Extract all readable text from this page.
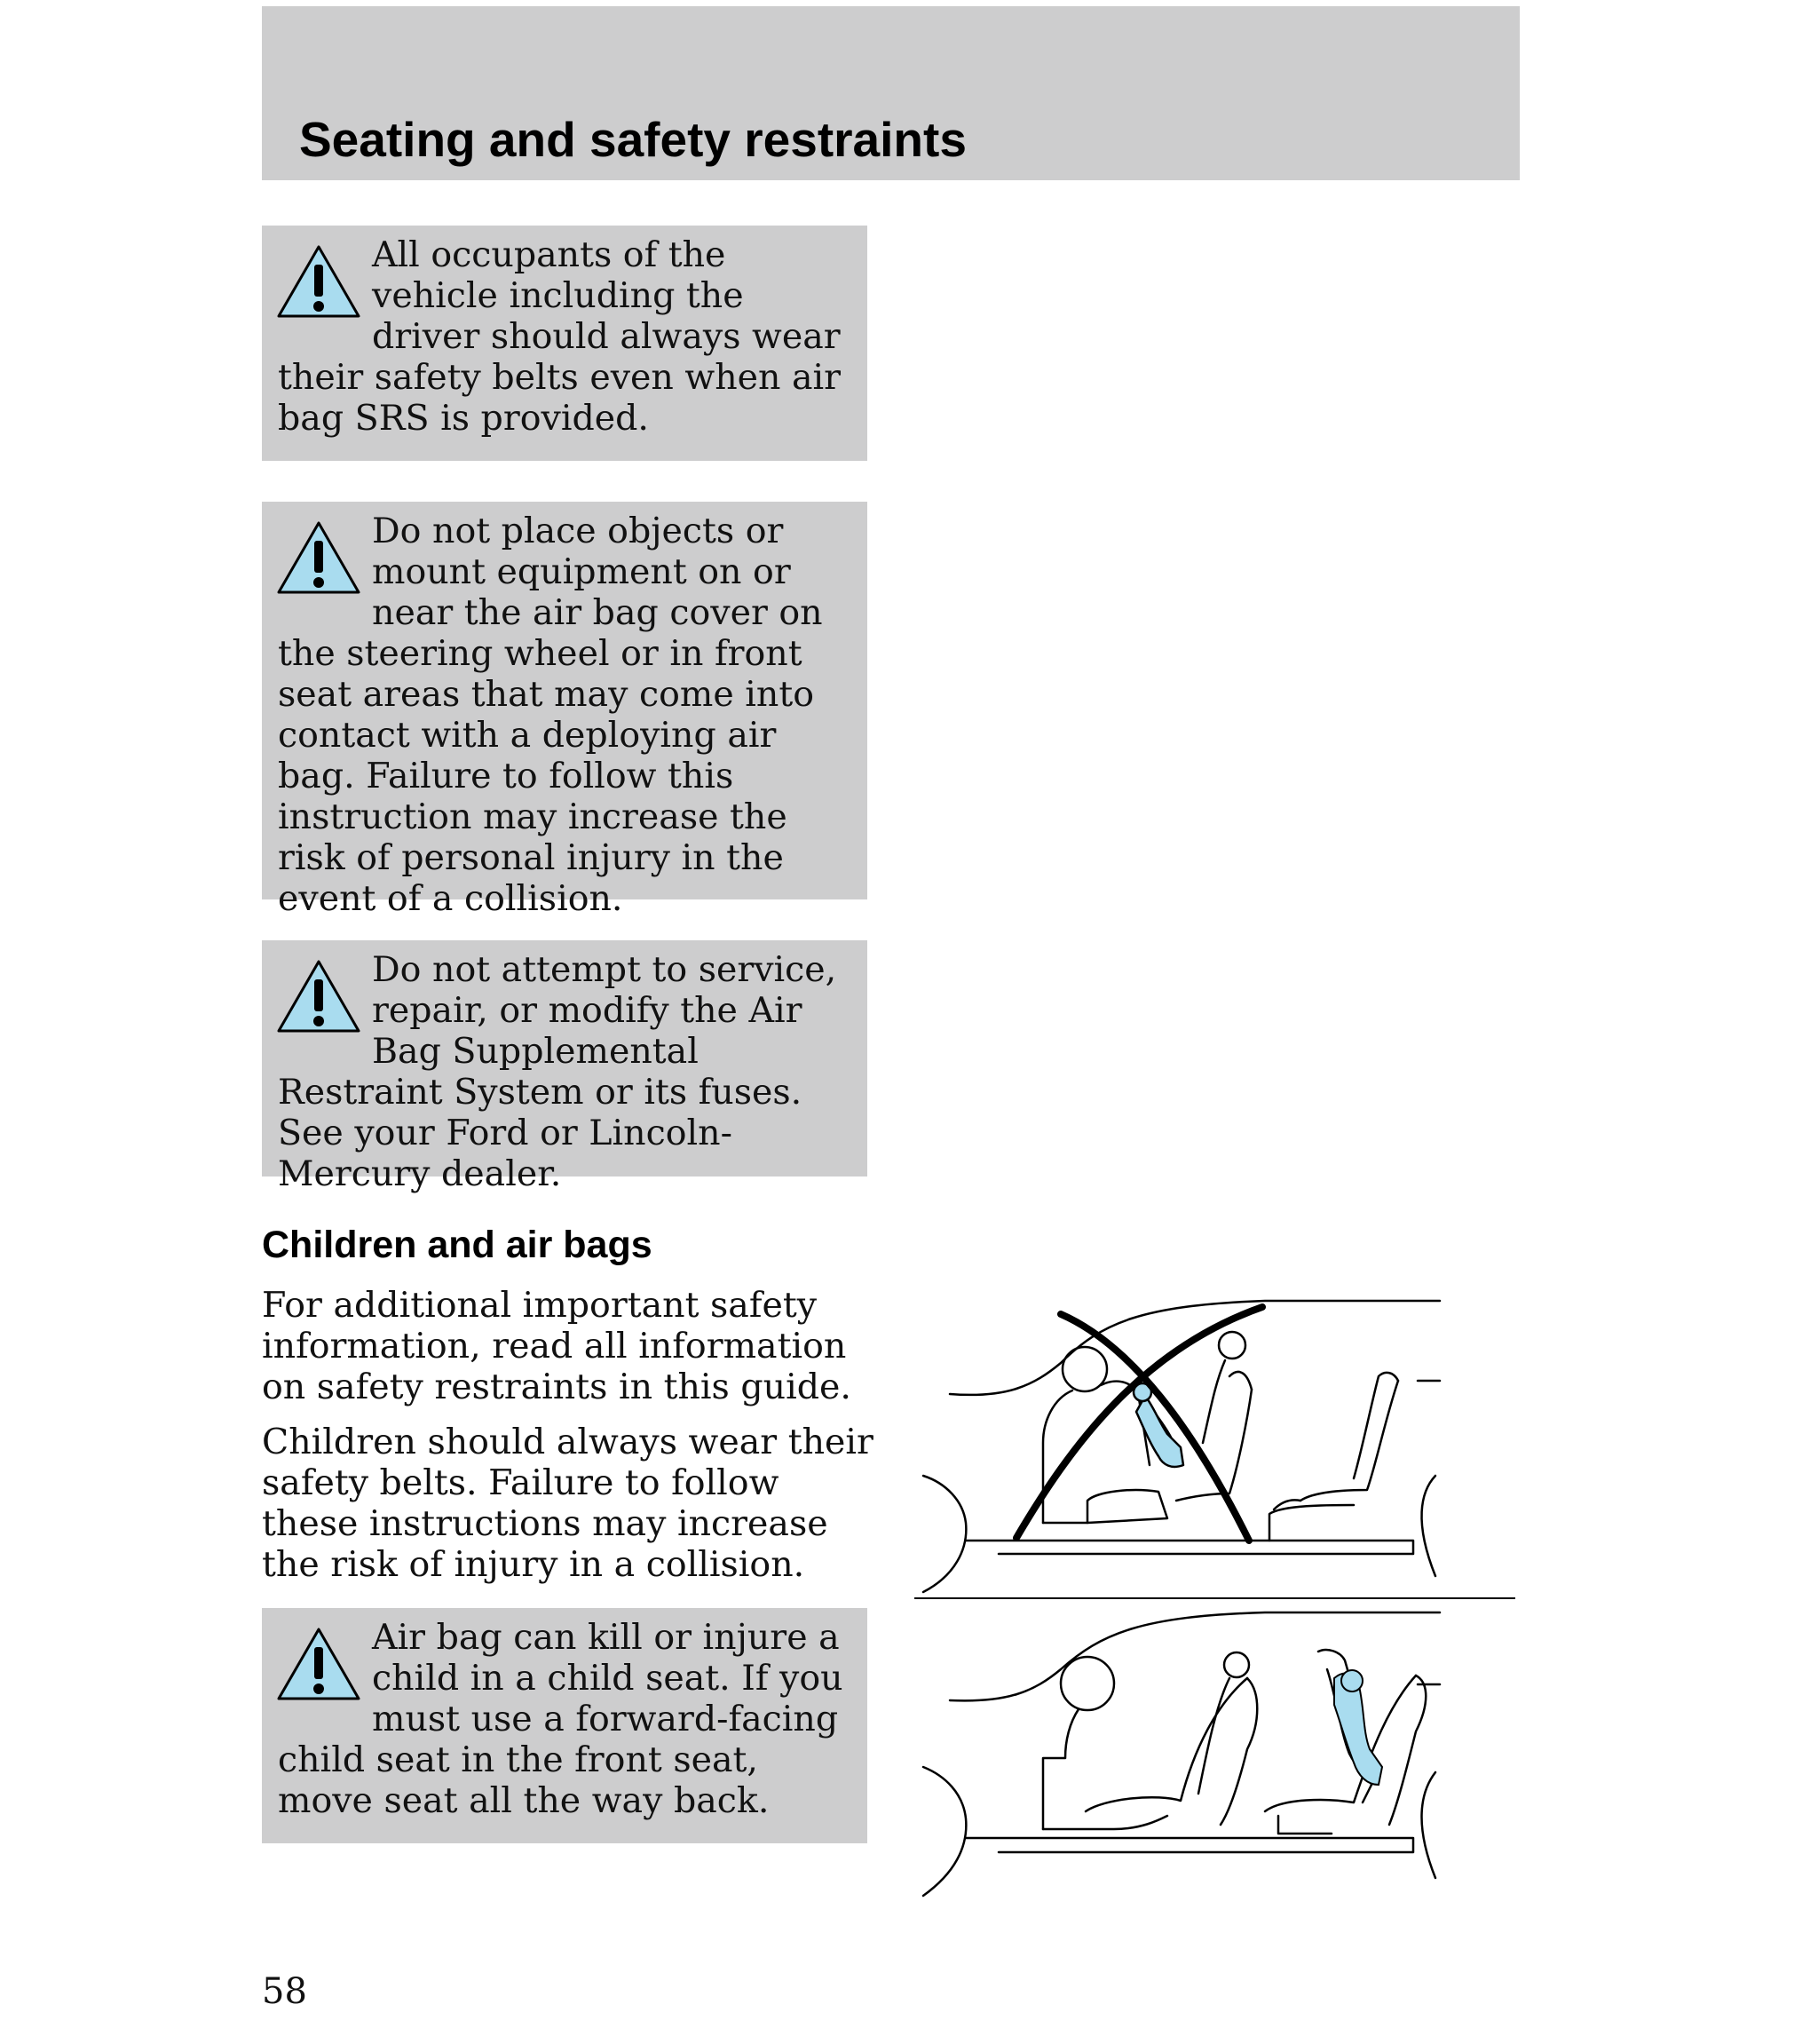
Seating and safety restraints

All occupants of the vehicle including the driver should always wear their safety belts even when air bag SRS is provided.

Do not place objects or mount equipment on or near the air bag cover on the steering wheel or in front seat areas that may come into contact with a deploying air bag. Failure to follow this instruction may increase the risk of personal injury in the event of a collision.

Do not attempt to service, repair, or modify the Air Bag Supplemental Restraint System or its fuses. See your Ford or Lincoln-Mercury dealer.

Children and air bags

For additional important safety information, read all information on safety restraints in this guide.

Children should always wear their safety belts. Failure to follow these instructions may increase the risk of injury in a collision.

Air bag can kill or injure a child in a child seat. If you must use a forward-facing child seat in the front seat, move seat all the way back.

58
